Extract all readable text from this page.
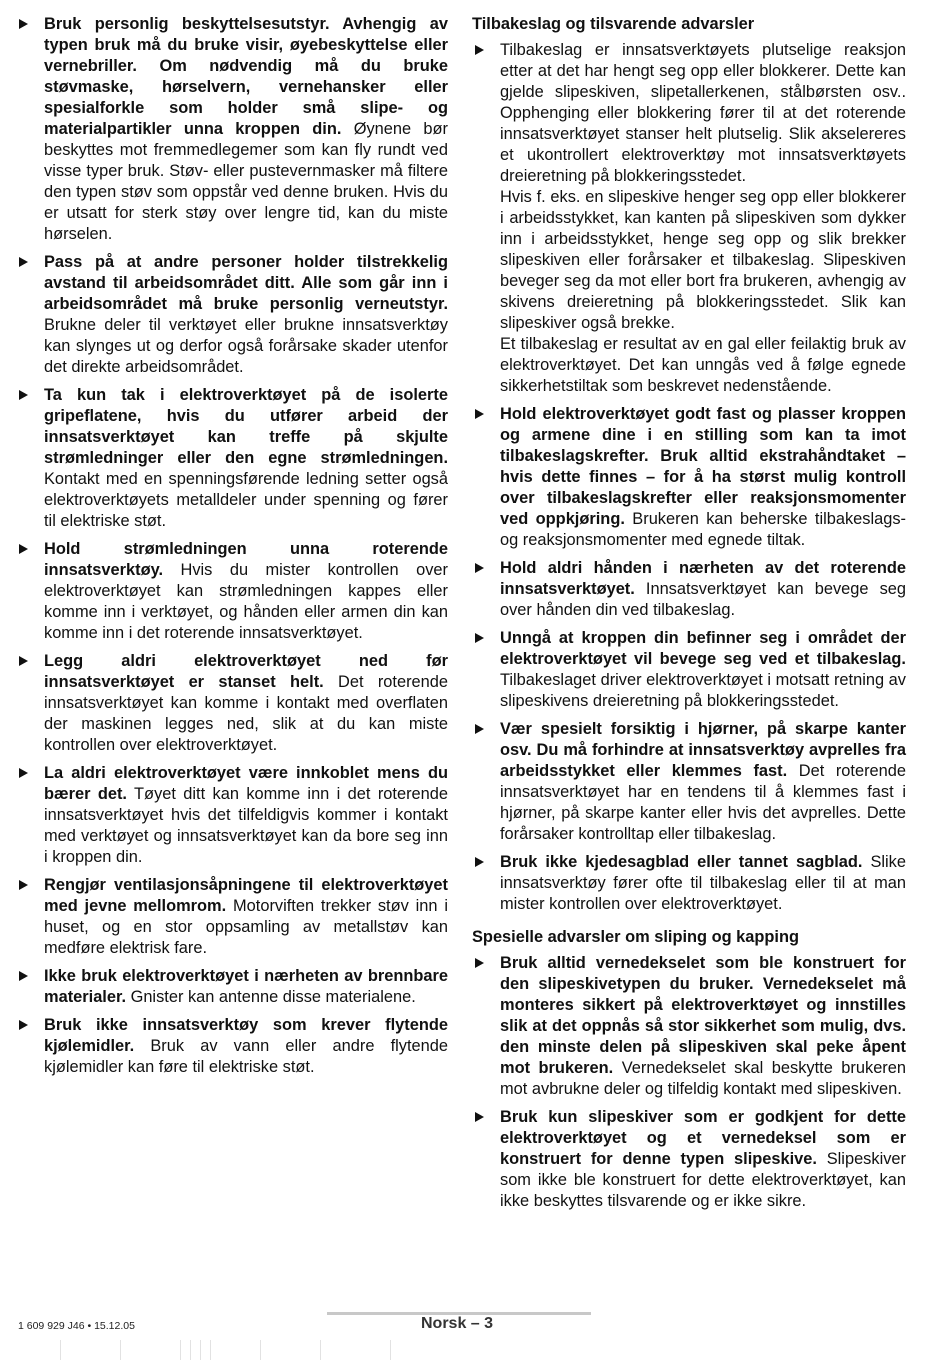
Bruk personlig beskyttelsesutstyr. Avhengig av typen bruk må du bruke visir, øyebeskyttelse eller vernebriller. Om nødvendig må du bruke støvmaske, hørselvern, vernehansker eller spesialforkle som holder små slipe- og materialpartikler unna kroppen din. Øynene bør beskyttes mot fremmedlegemer som kan fly rundt ved visse typer bruk. Støv- eller pustevernmasker må filtere den typen støv som oppstår ved denne bruken. Hvis du er utsatt for sterk støy over lengre tid, kan du miste hørselen.
Pass på at andre personer holder tilstrekkelig avstand til arbeidsområdet ditt. Alle som går inn i arbeidsområdet må bruke personlig verneutstyr. Brukne deler til verktøyet eller brukne innsatsverktøy kan slynges ut og derfor også forårsake skader utenfor det direkte arbeidsområdet.
Ta kun tak i elektroverktøyet på de isolerte gripeflatene, hvis du utfører arbeid der innsatsverktøyet kan treffe på skjulte strømledninger eller den egne strømledningen. Kontakt med en spenningsførende ledning setter også elektroverktøyets metalldeler under spenning og fører til elektriske støt.
Hold strømledningen unna roterende innsatsverktøy. Hvis du mister kontrollen over elektroverktøyet kan strømledningen kappes eller komme inn i verktøyet, og hånden eller armen din kan komme inn i det roterende innsatsverktøyet.
Legg aldri elektroverktøyet ned før innsatsverktøyet er stanset helt. Det roterende innsatsverktøyet kan komme i kontakt med overflaten der maskinen legges ned, slik at du kan miste kontrollen over elektroverktøyet.
La aldri elektroverktøyet være innkoblet mens du bærer det. Tøyet ditt kan komme inn i det roterende innsatsverktøyet hvis det tilfeldigvis kommer i kontakt med verktøyet og innsatsverktøyet kan da bore seg inn i kroppen din.
Rengjør ventilasjonsåpningene til elektroverktøyet med jevne mellomrom. Motorviften trekker støv inn i huset, og en stor oppsamling av metallstøv kan medføre elektrisk fare.
Ikke bruk elektroverktøyet i nærheten av brennbare materialer. Gnister kan antenne disse materialene.
Bruk ikke innsatsverktøy som krever flytende kjølemidler. Bruk av vann eller andre flytende kjølemidler kan føre til elektriske støt.
Tilbakeslag og tilsvarende advarsler
Tilbakeslag er innsatsverktøyets plutselige reaksjon etter at det har hengt seg opp eller blokkerer. Dette kan gjelde slipeskiven, slipetallerkenen, stålbørsten osv.. Opphenging eller blokkering fører til at det roterende innsatsverktøyet stanser helt plutselig. Slik akselereres et ukontrollert elektroverktøy mot innsatsverktøyets dreieretning på blokkeringsstedet.
Hvis f. eks. en slipeskive henger seg opp eller blokkerer i arbeidsstykket, kan kanten på slipeskiven som dykker inn i arbeidsstykket, henge seg opp og slik brekker slipeskiven eller forårsaker et tilbakeslag. Slipeskiven beveger seg da mot eller bort fra brukeren, avhengig av skivens dreieretning på blokkeringsstedet. Slik kan slipeskiver også brekke.
Et tilbakeslag er resultat av en gal eller feilaktig bruk av elektroverktøyet. Det kan unngås ved å følge egnede sikkerhetstiltak som beskrevet nedenstående.
Hold elektroverktøyet godt fast og plasser kroppen og armene dine i en stilling som kan ta imot tilbakeslagskrefter. Bruk alltid ekstrahåndtaket – hvis dette finnes – for å ha størst mulig kontroll over tilbakeslagskrefter eller reaksjonsmomenter ved oppkjøring. Brukeren kan beherske tilbakeslags- og reaksjonsmomenter med egnede tiltak.
Hold aldri hånden i nærheten av det roterende innsatsverktøyet. Innsatsverktøyet kan bevege seg over hånden din ved tilbakeslag.
Unngå at kroppen din befinner seg i området der elektroverktøyet vil bevege seg ved et tilbakeslag. Tilbakeslaget driver elektroverktøyet i motsatt retning av slipeskivens dreieretning på blokkeringsstedet.
Vær spesielt forsiktig i hjørner, på skarpe kanter osv. Du må forhindre at innsatsverktøy avprelles fra arbeidsstykket eller klemmes fast. Det roterende innsatsverktøyet har en tendens til å klemmes fast i hjørner, på skarpe kanter eller hvis det avprelles. Dette forårsaker kontrolltap eller tilbakeslag.
Bruk ikke kjedesagblad eller tannet sagblad. Slike innsatsverktøy fører ofte til tilbakeslag eller til at man mister kontrollen over elektroverktøyet.
Spesielle advarsler om sliping og kapping
Bruk alltid vernedekselet som ble konstruert for den slipeskivetypen du bruker. Vernedekselet må monteres sikkert på elektroverktøyet og innstilles slik at det oppnås så stor sikkerhet som mulig, dvs. den minste delen på slipeskiven skal peke åpent mot brukeren. Vernedekselet skal beskytte brukeren mot avbrukne deler og tilfeldig kontakt med slipeskiven.
Bruk kun slipeskiver som er godkjent for dette elektroverktøyet og et vernedeksel som er konstruert for denne typen slipeskive. Slipeskiver som ikke ble konstruert for dette elektroverktøyet, kan ikke beskyttes tilsvarende og er ikke sikre.
1 609 929 J46 • 15.12.05	Norsk – 3
